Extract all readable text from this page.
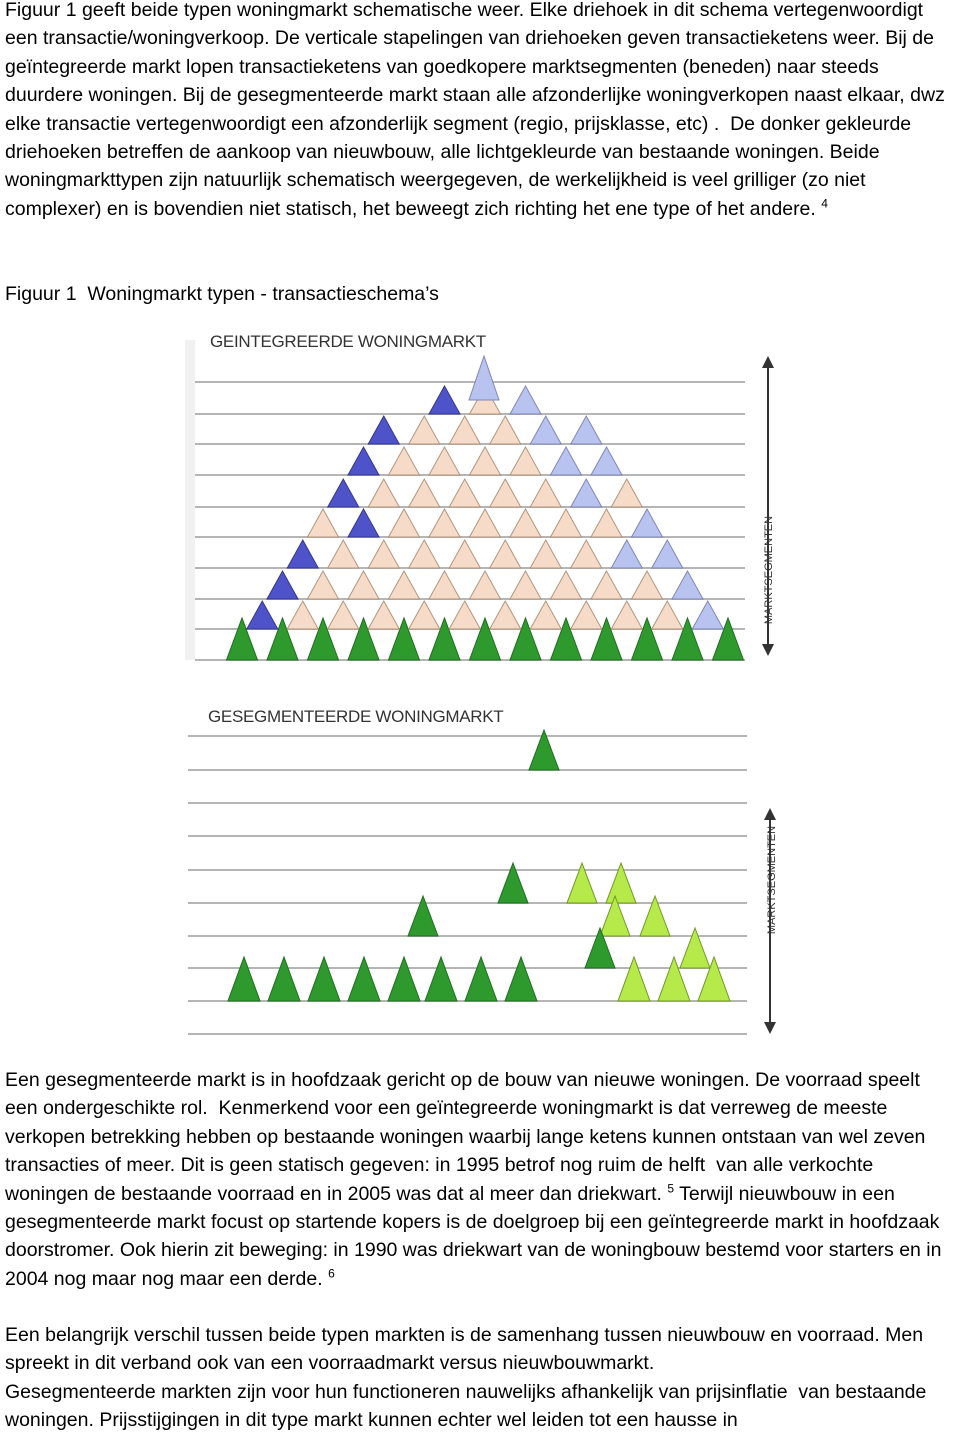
Figuur 1 geeft beide typen woningmarkt schematische weer. Elke driehoek in dit schema vertegenwoordigt een transactie/woningverkoop. De verticale stapelingen van driehoeken geven transactieketens weer. Bij de geïntegreerde markt lopen transactieketens van goedkopere marktsegmenten (beneden) naar steeds duurdere woningen. Bij de gesegmenteerde markt staan alle afzonderlijke woningverkopen naast elkaar, dwz elke transactie vertegenwoordigt een afzonderlijk segment (regio, prijsklasse, etc) .  De donker gekleurde driehoeken betreffen de aankoop van nieuwbouw, alle lichtgekleurde van bestaande woningen. Beide woningmarkttypen zijn natuurlijk schematisch weergegeven, de werkelijkheid is veel grilliger (zo niet complexer) en is bovendien niet statisch, het beweegt zich richting het ene type of het andere. $^4$

Figuur 1  Woningmarkt typen - transactieschema’s

GEINTEGREERDE WONINGMARKT
MARKTSEGMENTEN
GESEGMENTEERDE WONINGMARKT
MARKTSEGMENTEN

Een gesegmenteerde markt is in hoofdzaak gericht op de bouw van nieuwe woningen. De voorraad speelt een ondergeschikte rol.  Kenmerkend voor een geïntegreerde woningmarkt is dat verreweg de meeste verkopen betrekking hebben op bestaande woningen waarbij lange ketens kunnen ontstaan van wel zeven transacties of meer. Dit is geen statisch gegeven: in 1995 betrof nog ruim de helft  van alle verkochte woningen de bestaande voorraad en in 2005 was dat al meer dan driekwart. $^5$ Terwijl nieuwbouw in een gesegmenteerde markt focust op startende kopers is de doelgroep bij een geïntegreerde markt in hoofdzaak  doorstromer. Ook hierin zit beweging: in 1990 was driekwart van de woningbouw bestemd voor starters en in 2004 nog maar nog maar een derde. $^6$

Een belangrijk verschil tussen beide typen markten is de samenhang tussen nieuwbouw en voorraad. Men spreekt in dit verband ook van een voorraadmarkt versus nieuwbouwmarkt.
Gesegmenteerde markten zijn voor hun functioneren nauwelijks afhankelijk van prijsinflatie  van bestaande woningen. Prijsstijgingen in dit type markt kunnen echter wel leiden tot een hausse in
